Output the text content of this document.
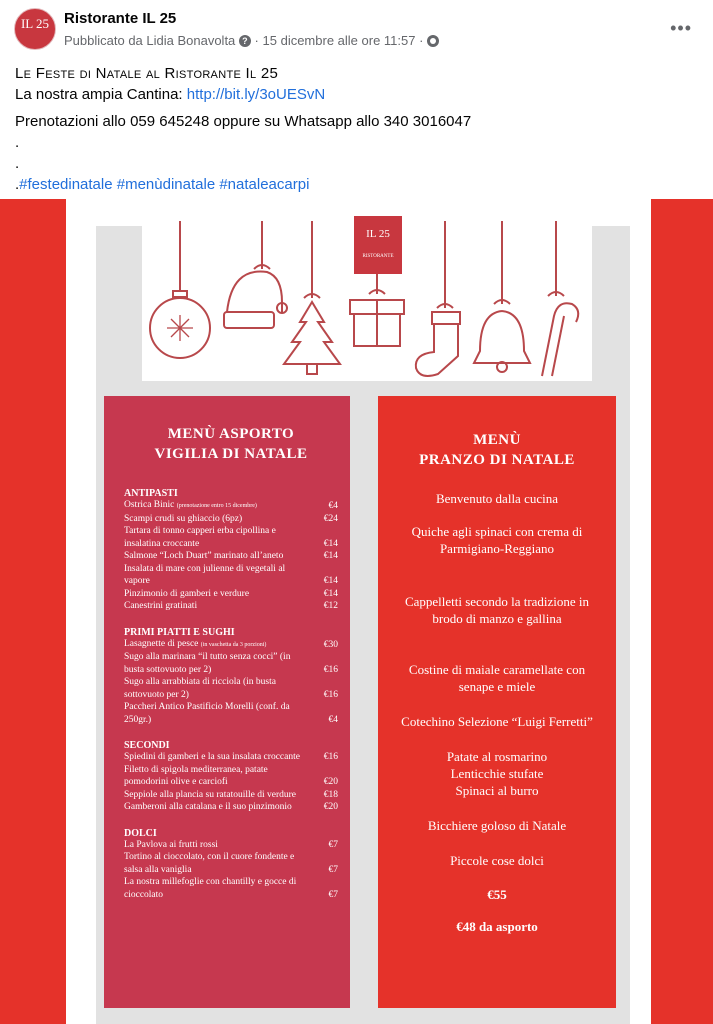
IL 25 Ristorante IL 25
Pubblicato da Lidia Bonavolta ? · 15 dicembre alle ore 11:57 ·
•••
Le Feste di Natale al Ristorante Il 25
La nostra ampia Cantina: http://bit.ly/3oUESvN
Prenotazioni allo 059 645248 oppure su Whatsapp allo 340 3016047
.
.
.#festedinatale #menùdinatale #nataleacarpi
IL 25
RISTORANTE
MENÙ ASPORTO
VIGILIA DI NATALE
ANTIPASTI
Ostrica Binic (prenotazione entro 15 dicembre)	€4
Scampi crudi su ghiaccio (6pz)	€24
Tartara di tonno capperi erba cipollina e insalatina croccante	€14
Salmone “Loch Duart” marinato all’aneto	€14
Insalata di mare con julienne di vegetali al vapore	€14
Pinzimonio di gamberi e verdure	€14
Canestrini gratinati	€12
PRIMI PIATTI E SUGHI
Lasagnette di pesce (in vaschetta da 3 porzioni)	€30
Sugo alla marinara “il tutto senza cocci” (in busta sottovuoto per 2)	€16
Sugo alla arrabbiata di ricciola (in busta sottovuoto per 2)	€16
Paccheri Antico Pastificio Morelli (conf. da 250gr.)	€4
SECONDI
Spiedini di gamberi e la sua insalata croccante	€16
Filetto di spigola mediterranea, patate pomodorini olive e carciofi	€20
Seppiole alla plancia su ratatouille di verdure	€18
Gamberoni alla catalana e il suo pinzimonio	€20
DOLCI
La Pavlova ai frutti rossi	€7
Tortino al cioccolato, con il cuore fondente e salsa alla vaniglia	€7
La nostra millefoglie con chantilly e gocce di cioccolato	€7
MENÙ
PRANZO DI NATALE
Benvenuto dalla cucina
Quiche agli spinaci con crema di Parmigiano-Reggiano
Cappelletti secondo la tradizione in brodo di manzo e gallina
Costine di maiale caramellate con senape e miele
Cotechino Selezione “Luigi Ferretti”
Patate al rosmarino
Lenticchie stufate
Spinaci al burro
Bicchiere goloso di Natale
Piccole cose dolci
€55
€48 da asporto
